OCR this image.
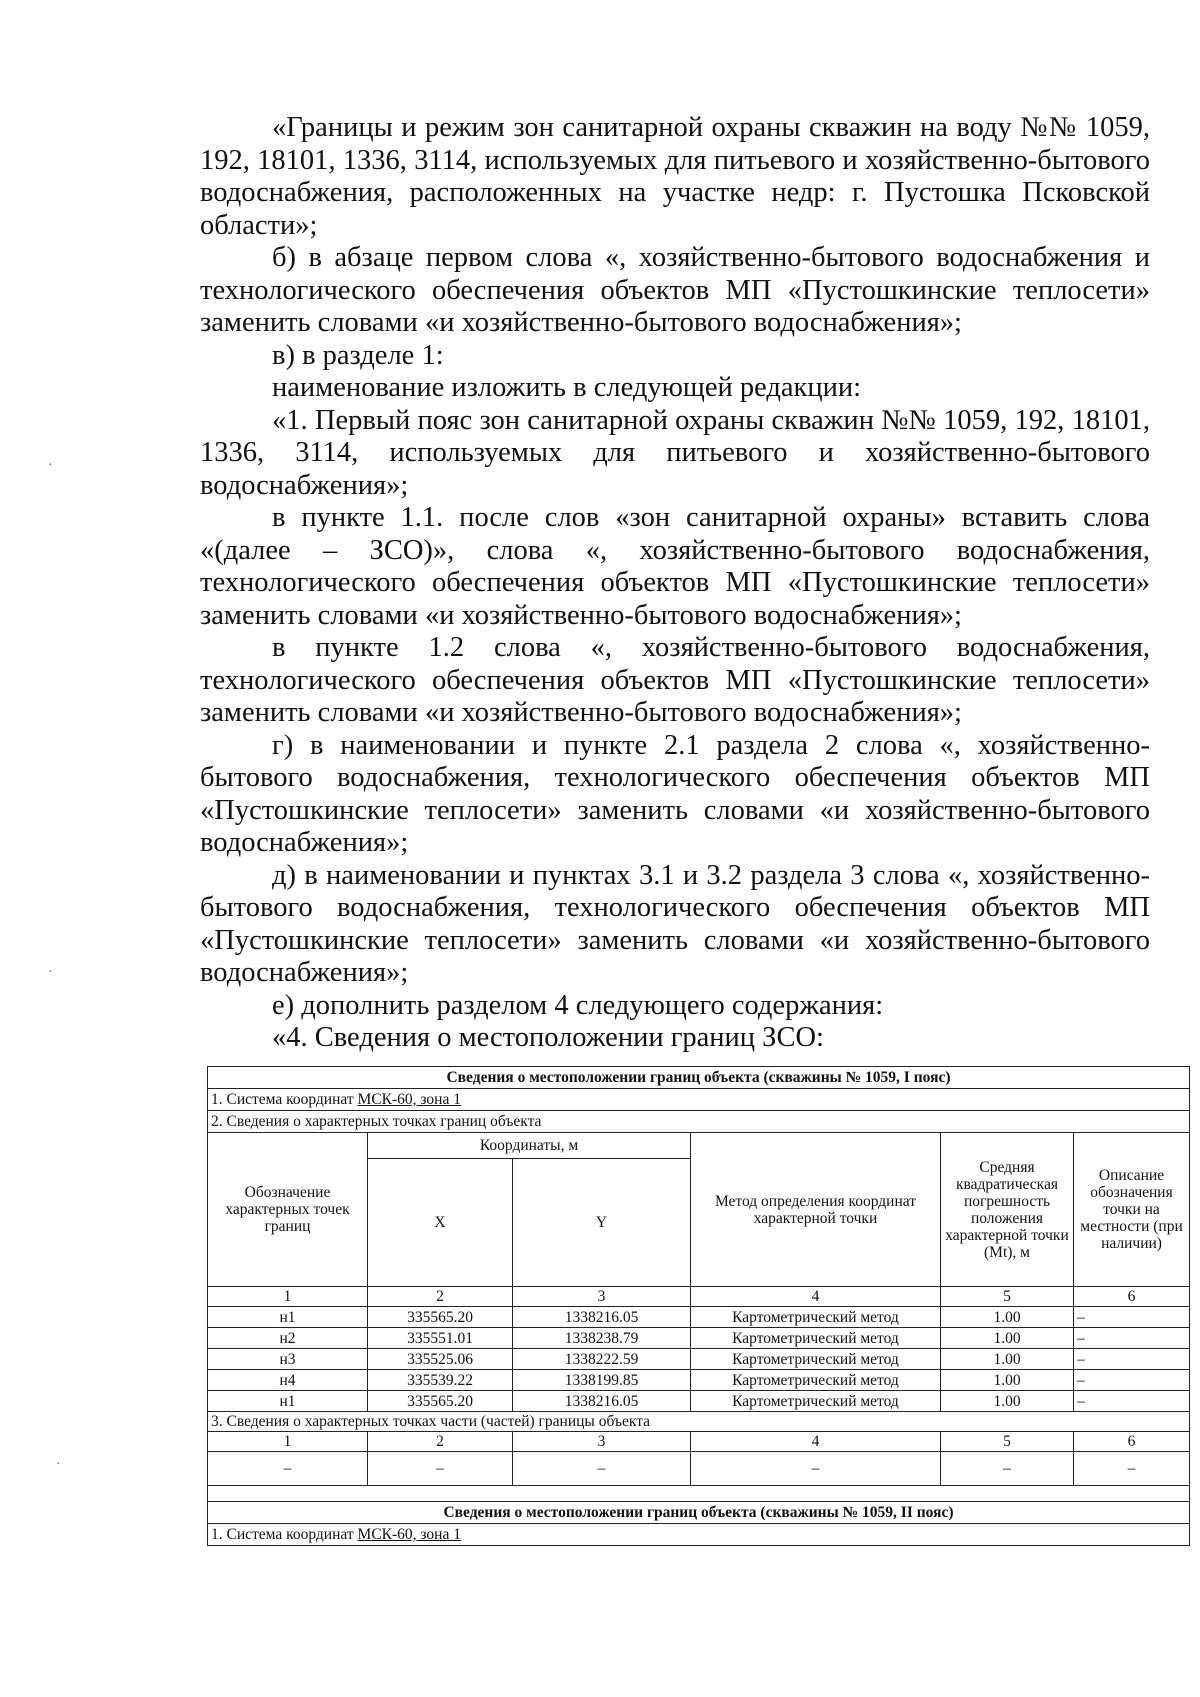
·
·
·

«Границы и режим зон санитарной охраны скважин на воду №№ 1059, 192, 18101, 1336, 3114, используемых для питьевого и хозяйственно-бытового водоснабжения, расположенных на участке недр: г. Пустошка Псковской области»;

б) в абзаце первом слова «, хозяйственно-бытового водоснабжения и технологического обеспечения объектов МП «Пустошкинские теплосети» заменить словами «и хозяйственно-бытового водоснабжения»;

в) в разделе 1:

наименование изложить в следующей редакции:

«1. Первый пояс зон санитарной охраны скважин №№ 1059, 192, 18101, 1336, 3114, используемых для питьевого и хозяйственно-бытового водоснабжения»;

в пункте 1.1. после слов «зон санитарной охраны» вставить слова «(далее – ЗСО)», слова «, хозяйственно-бытового водоснабжения, технологического обеспечения объектов МП «Пустошкинские теплосети» заменить словами «и хозяйственно-бытового водоснабжения»;

в пункте 1.2 слова «, хозяйственно-бытового водоснабжения, технологического обеспечения объектов МП «Пустошкинские теплосети» заменить словами «и хозяйственно-бытового водоснабжения»;

г) в наименовании и пункте 2.1 раздела 2 слова «, хозяйственно-бытового водоснабжения, технологического обеспечения объектов МП «Пустошкинские теплосети» заменить словами «и хозяйственно-бытового водоснабжения»;

д) в наименовании и пунктах 3.1 и 3.2 раздела 3 слова «, хозяйственно-бытового водоснабжения, технологического обеспечения объектов МП «Пустошкинские теплосети» заменить словами «и хозяйственно-бытового водоснабжения»;

е) дополнить разделом 4 следующего содержания:

«4. Сведения о местоположении границ ЗСО:

Сведения о местоположении границ объекта (скважины № 1059, I пояс)					
1. Система координат МСК-60, зона 1					
2. Сведения о характерных точках границ объекта					
Обозначение характерных точек границ	Координаты, м		Метод определения координат характерной точки	Средняя квадратическая погрешность положения характерной точки (Mt), м	Описание обозначения точки на местности (при наличии)
	X	Y			
1	2	3	4	5	6
н1	335565.20	1338216.05	Картометрический метод	1.00	–
н2	335551.01	1338238.79	Картометрический метод	1.00	–
н3	335525.06	1338222.59	Картометрический метод	1.00	–
н4	335539.22	1338199.85	Картометрический метод	1.00	–
н1	335565.20	1338216.05	Картометрический метод	1.00	–
3. Сведения о характерных точках части (частей) границы объекта					
1	2	3	4	5	6
–	–	–	–	–	–

Сведения о местоположении границ объекта (скважины № 1059, II пояс)					
1. Система координат МСК-60, зона 1					
